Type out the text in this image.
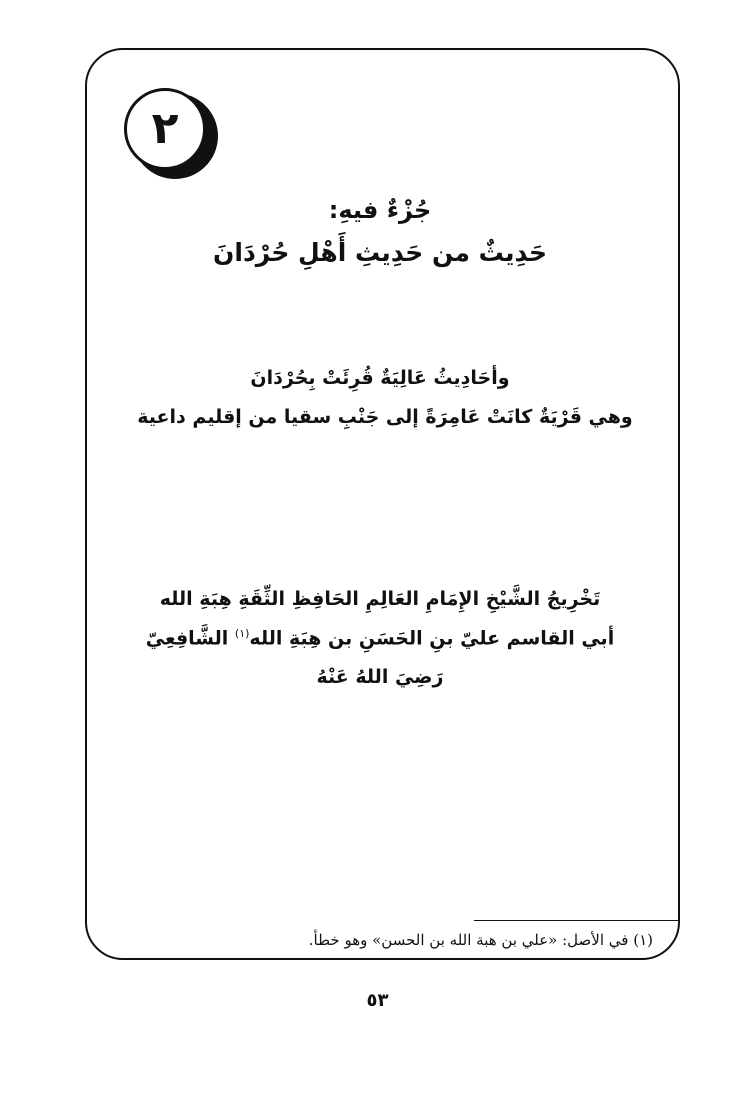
٢
جُزْءٌ فيهِ:
حَدِيثٌ من حَدِيثِ أَهْلِ حُرْدَانَ
وأحَادِيثُ عَالِيَةٌ قُرِئَتْ بِحُرْدَانَ
وهي قَرْيَةٌ كانَتْ عَامِرَةً إلى جَنْبِ سقيا من إقليم داعية
تَخْرِيجُ الشَّيْخِ الإِمَامِ العَالِمِ الحَافِظِ الثِّقَةِ هِبَةِ الله
أبي القاسم عليّ بنِ الحَسَنِ بن هِبَةِ الله$^{(١)}$ الشَّافِعِيّ
رَضِيَ اللهُ عَنْهُ
(١) في الأصل: «علي بن هبة الله بن الحسن» وهو خطأ.
٥٣
